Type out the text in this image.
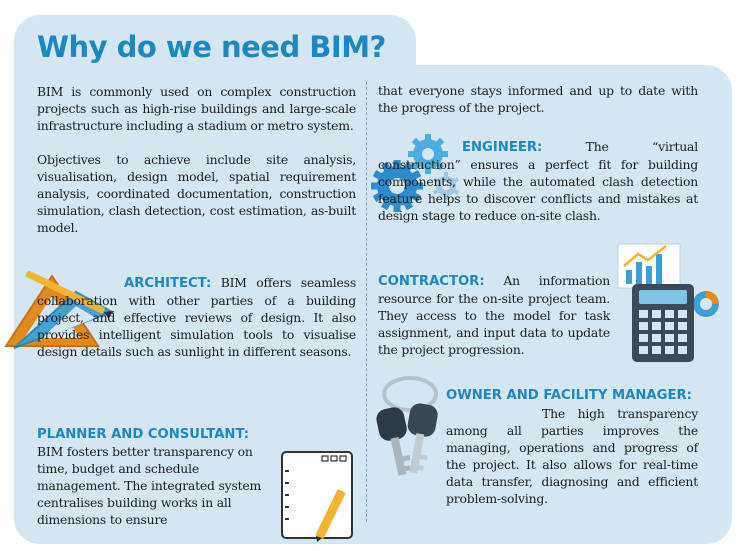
Why do we need BIM?

BIM is commonly used on complex construction projects such as high-rise buildings and large-scale infrastructure including a stadium or metro system.

Objectives to achieve include site analysis, visualisation, design model, spatial requirement analysis, coordinated documentation, construction simulation, clash detection, cost estimation, as-built model.

ARCHITECT: BIM offers seamless collaboration with other parties of a building project, and effective reviews of design. It also provides intelligent simulation tools to visualise design details such as sunlight in different seasons.

PLANNER AND CONSULTANT: BIM fosters better transparency on time, budget and schedule management. The integrated system centralises building works in all dimensions to ensure

that everyone stays informed and up to date with the progress of the project.

ENGINEER:	The “virtual construction” ensures a perfect fit for building components, while the automated clash detection feature helps to discover conflicts and mistakes at design stage to reduce on-site clash.

CONTRACTOR: An information resource for the on-site project team. They access to the model for task assignment, and input data to update the project progression.

OWNER AND FACILITY MANAGER:

The high transparency among all parties improves the managing, operations and progress of the project. It also allows for real-time data transfer, diagnosing and efficient problem-solving.
